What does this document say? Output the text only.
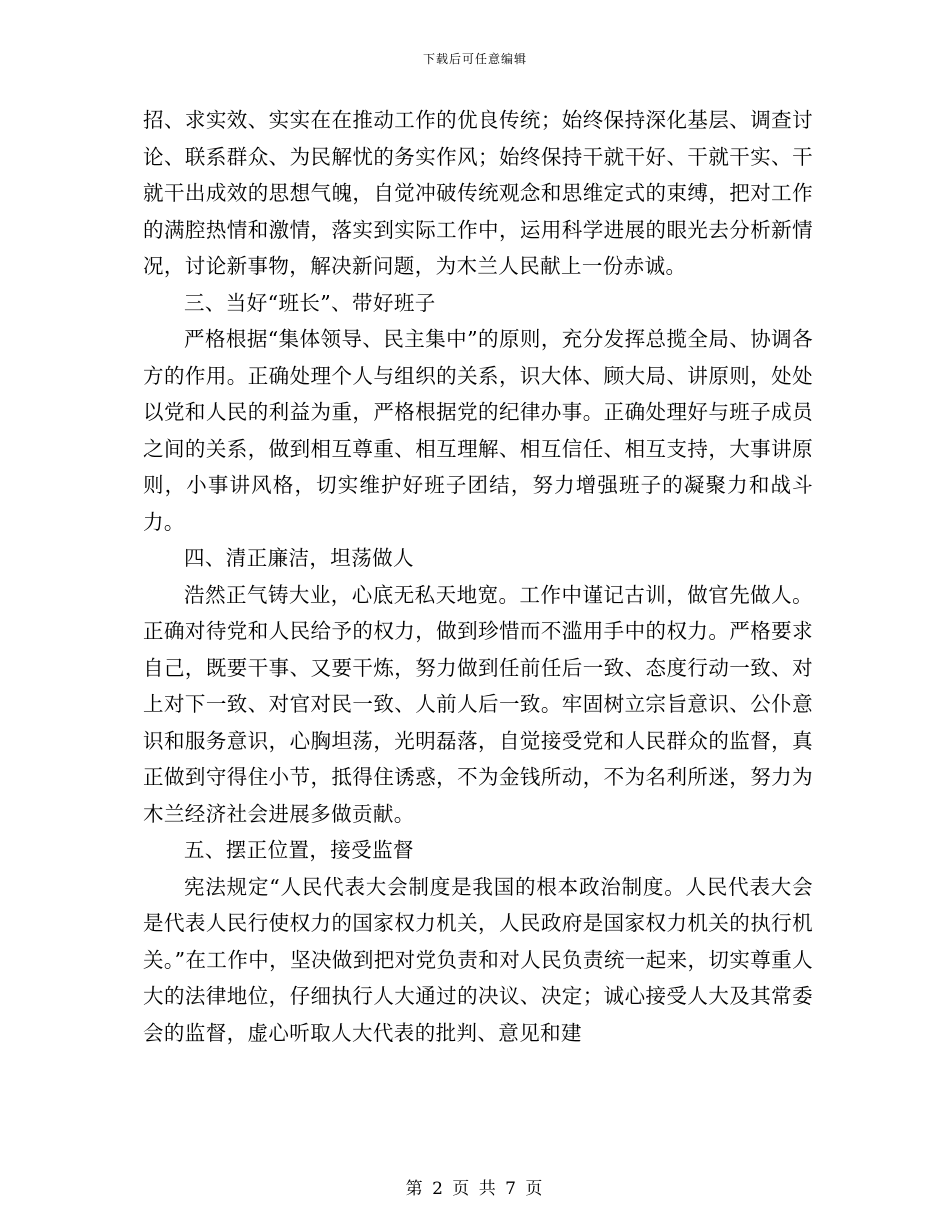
下载后可任意编辑

招、求实效、实实在在推动工作的优良传统；始终保持深化基层、调查讨论、联系群众、为民解忧的务实作风；始终保持干就干好、干就干实、干就干出成效的思想气魄，自觉冲破传统观念和思维定式的束缚，把对工作的满腔热情和激情，落实到实际工作中，运用科学进展的眼光去分析新情况，讨论新事物，解决新问题，为木兰人民献上一份赤诚。

三、当好“班长”、带好班子

严格根据“集体领导、民主集中”的原则，充分发挥总揽全局、协调各方的作用。正确处理个人与组织的关系，识大体、顾大局、讲原则，处处以党和人民的利益为重，严格根据党的纪律办事。正确处理好与班子成员之间的关系，做到相互尊重、相互理解、相互信任、相互支持，大事讲原则，小事讲风格，切实维护好班子团结，努力增强班子的凝聚力和战斗力。

四、清正廉洁，坦荡做人

浩然正气铸大业，心底无私天地宽。工作中谨记古训，做官先做人。正确对待党和人民给予的权力，做到珍惜而不滥用手中的权力。严格要求自己，既要干事、又要干炼，努力做到任前任后一致、态度行动一致、对上对下一致、对官对民一致、人前人后一致。牢固树立宗旨意识、公仆意识和服务意识，心胸坦荡，光明磊落，自觉接受党和人民群众的监督，真正做到守得住小节，抵得住诱惑，不为金钱所动，不为名利所迷，努力为木兰经济社会进展多做贡献。

五、摆正位置，接受监督

宪法规定“人民代表大会制度是我国的根本政治制度。人民代表大会是代表人民行使权力的国家权力机关，人民政府是国家权力机关的执行机关。”在工作中，坚决做到把对党负责和对人民负责统一起来，切实尊重人大的法律地位，仔细执行人大通过的决议、决定；诚心接受人大及其常委会的监督，虚心听取人大代表的批判、意见和建

第 2 页 共 7 页
